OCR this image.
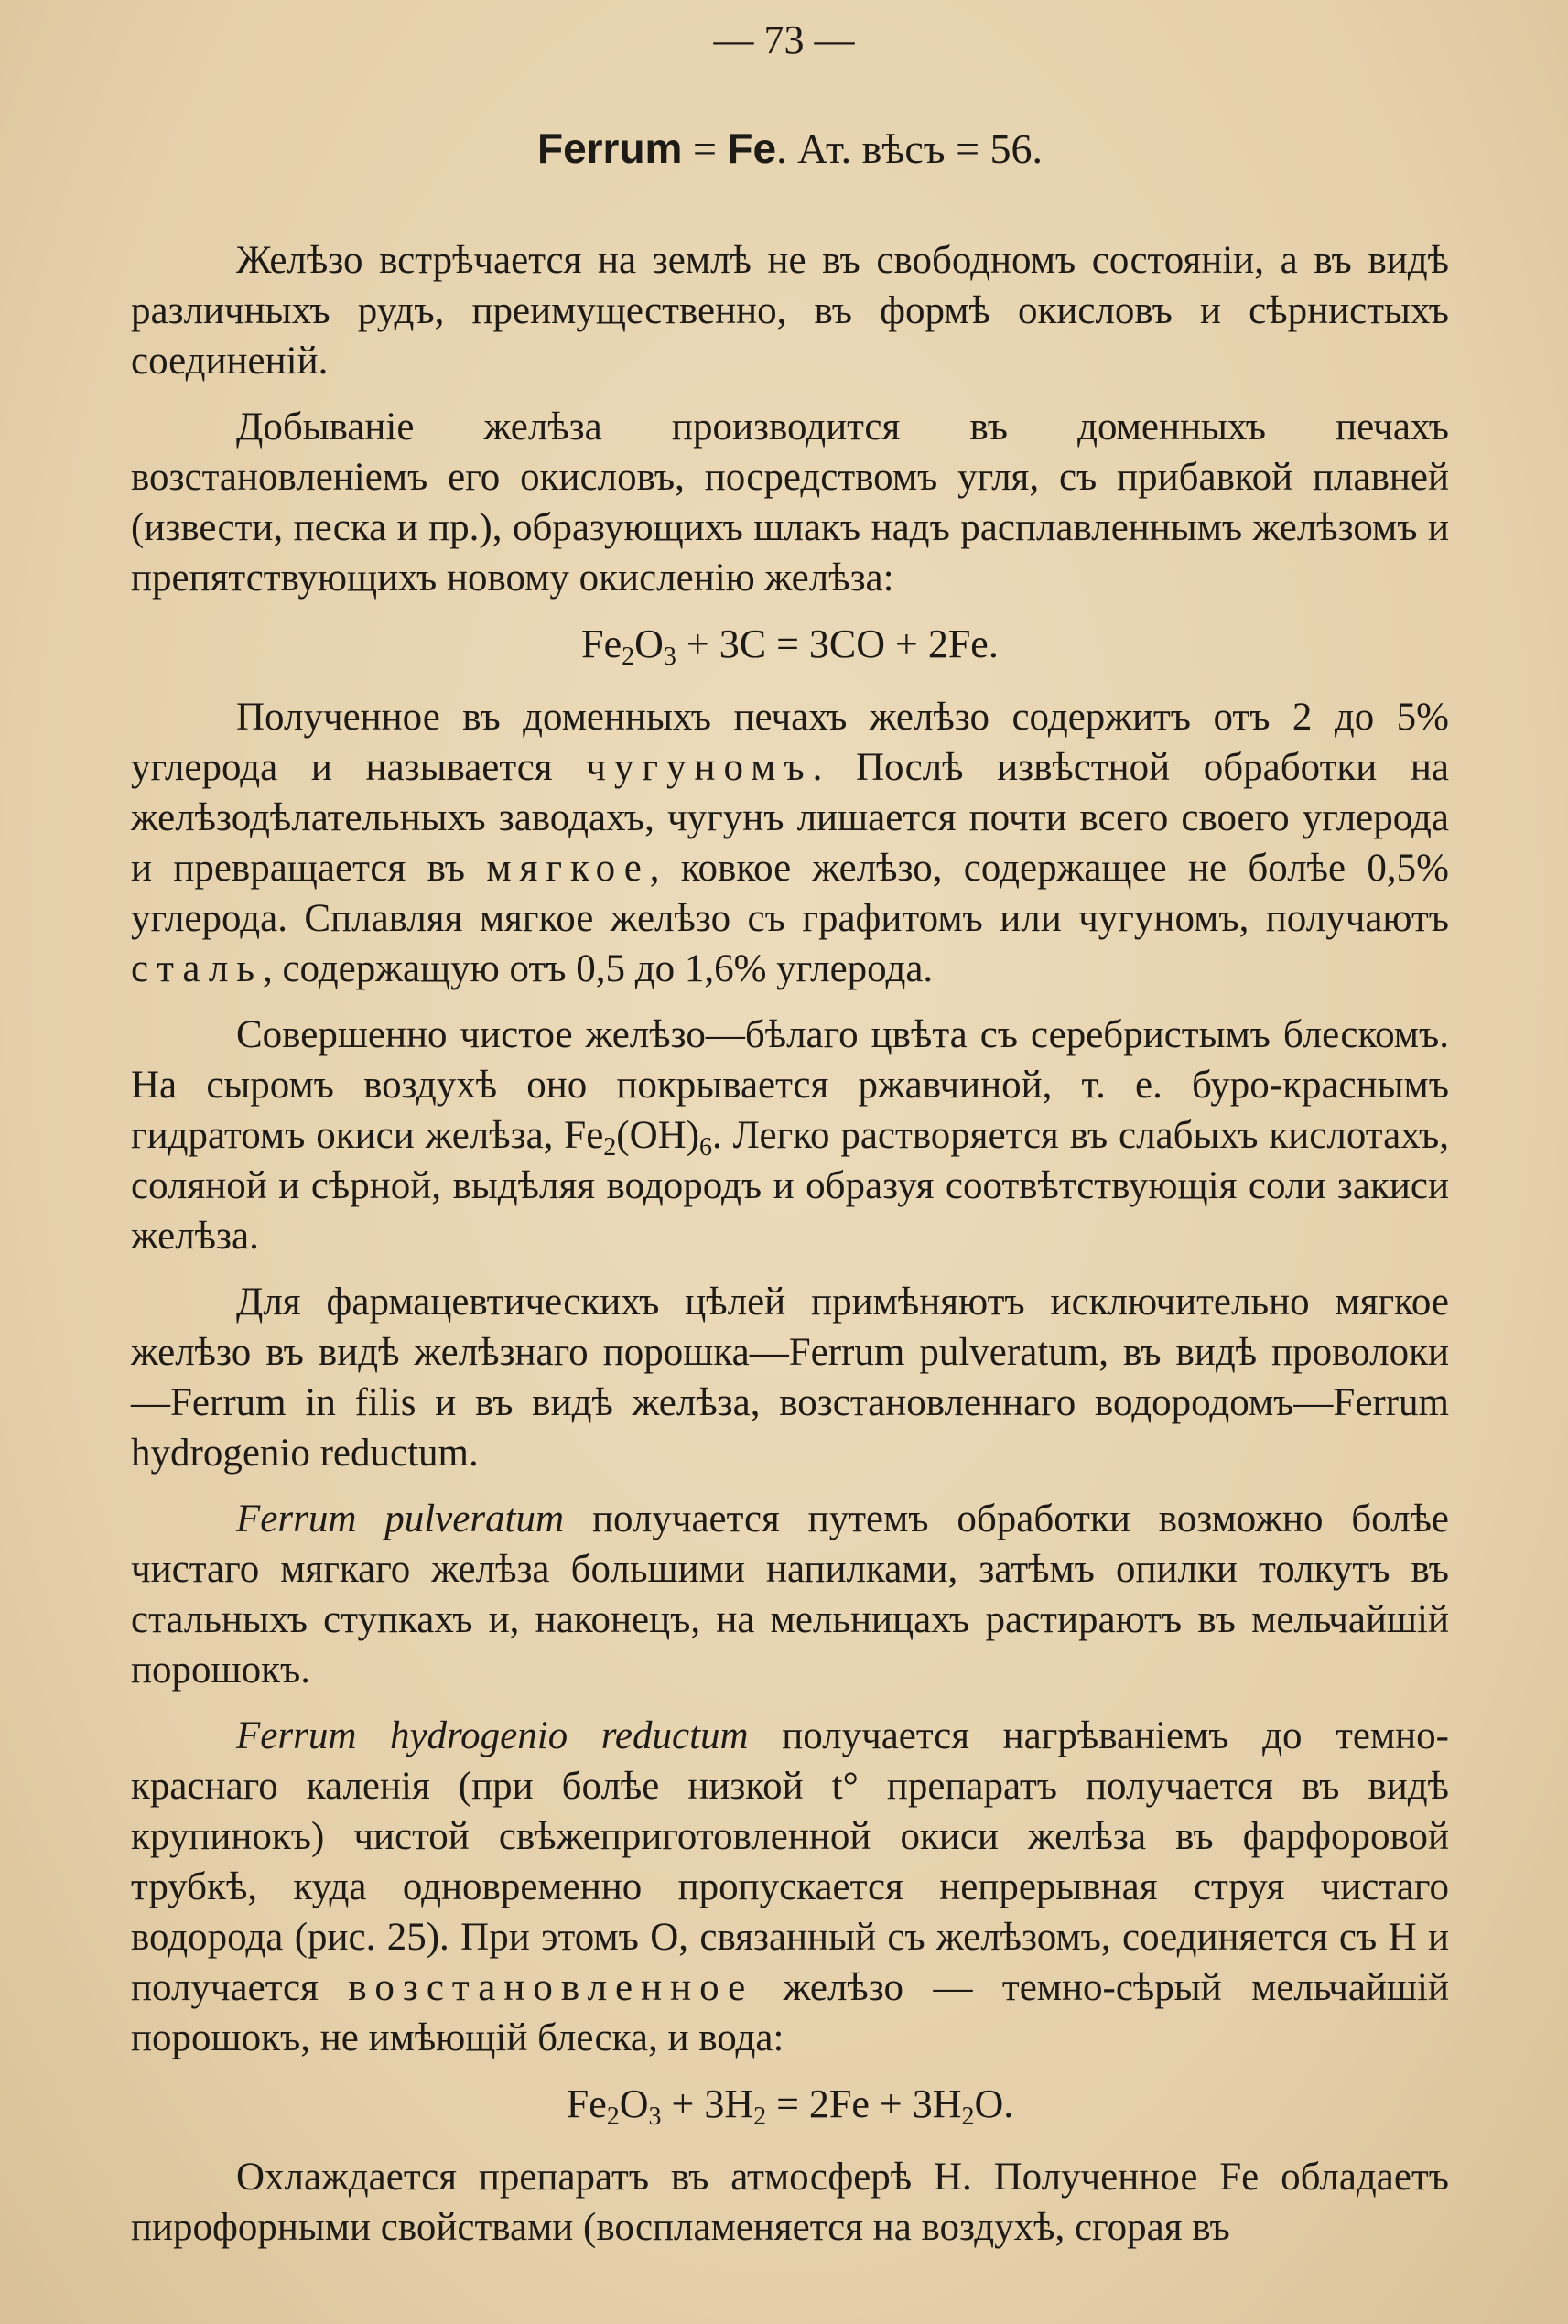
— 73 —
Ferrum = Fe. Ат. вѣсъ = 56.

Желѣзо встрѣчается на землѣ не въ свободномъ состоянiи, а въ видѣ различныхъ рудъ, преимущественно, въ формѣ окисловъ и сѣрнистыхъ соединенiй.

Добыванiе желѣза производится въ доменныхъ печахъ возстановленiемъ его окисловъ, посредствомъ угля, съ прибавкой плавней (извести, песка и пр.), образующихъ шлакъ надъ расплавленнымъ желѣзомъ и препятствующихъ новому окисленiю желѣза:

$Fe_2O_3 + 3C = 3CO + 2Fe$.

Полученное въ доменныхъ печахъ желѣзо содержитъ отъ 2 до 5% углерода и называется чугуномъ. Послѣ извѣстной обработки на желѣзодѣлательныхъ заводахъ, чугунъ лишается почти всего своего углерода и превращается въ мягкое, ковкое желѣзо, содержащее не болѣе 0,5% углерода. Сплавляя мягкое желѣзо съ графитомъ или чугуномъ, получаютъ сталь, содержащую отъ 0,5 до 1,6% углерода.

Совершенно чистое желѣзо—бѣлаго цвѣта съ серебристымъ блескомъ. На сыромъ воздухѣ оно покрывается ржавчиной, т. е. буро-краснымъ гидратомъ окиси желѣза, $Fe_2(OH)_6$. Легко растворяется въ слабыхъ кислотахъ, соляной и сѣрной, выдѣляя водородъ и образуя соотвѣтствующiя соли закиси желѣза.

Для фармацевтическихъ цѣлей примѣняютъ исключительно мягкое желѣзо въ видѣ желѣзнаго порошка—Ferrum pulveratum, въ видѣ проволоки—Ferrum in filis и въ видѣ желѣза, возстановленнаго водородомъ—Ferrum hydrogenio reductum.

Ferrum pulveratum получается путемъ обработки возможно болѣе чистаго мягкаго желѣза большими напилками, затѣмъ опилки толкутъ въ стальныхъ ступкахъ и, наконецъ, на мельницахъ растираютъ въ мельчайшiй порошокъ.

Ferrum hydrogenio reductum получается нагрѣванiемъ до темно-краснаго каленiя (при болѣе низкой t° препаратъ получается въ видѣ крупинокъ) чистой свѣжеприготовленной окиси желѣза въ фарфоровой трубкѣ, куда одновременно пропускается непрерывная струя чистаго водорода (рис. 25). При этомъ O, связанный съ желѣзомъ, соединяется съ H и получается возстановленное желѣзо — темно-сѣрый мельчайшiй порошокъ, не имѣющiй блеска, и вода:

$Fe_2O_3 + 3H_2 = 2Fe + 3H_2O$.

Охлаждается препаратъ въ атмосферѣ H. Полученное Fe обладаетъ пирофорными свойствами (воспламеняется на воздухѣ, сгорая въ
